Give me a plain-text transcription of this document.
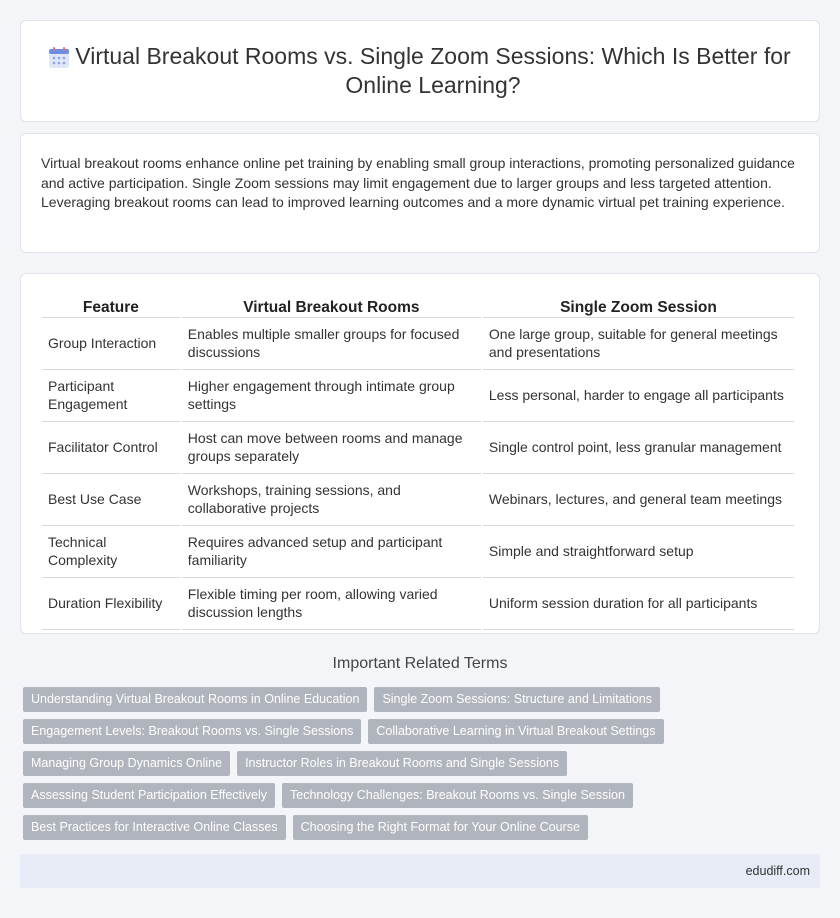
Virtual Breakout Rooms vs. Single Zoom Sessions: Which Is Better for Online Learning?

Virtual breakout rooms enhance online pet training by enabling small group interactions, promoting personalized guidance and active participation. Single Zoom sessions may limit engagement due to larger groups and less targeted attention. Leveraging breakout rooms can lead to improved learning outcomes and a more dynamic virtual pet training experience.

Feature	Virtual Breakout Rooms	Single Zoom Session
Group Interaction	Enables multiple smaller groups for focused discussions	One large group, suitable for general meetings and presentations
Participant Engagement	Higher engagement through intimate group settings	Less personal, harder to engage all participants
Facilitator Control	Host can move between rooms and manage groups separately	Single control point, less granular management
Best Use Case	Workshops, training sessions, and collaborative projects	Webinars, lectures, and general team meetings
Technical Complexity	Requires advanced setup and participant familiarity	Simple and straightforward setup
Duration Flexibility	Flexible timing per room, allowing varied discussion lengths	Uniform session duration for all participants
Important Related Terms
Understanding Virtual Breakout Rooms in Online Education	Single Zoom Sessions: Structure and Limitations
Engagement Levels: Breakout Rooms vs. Single Sessions	Collaborative Learning in Virtual Breakout Settings
Managing Group Dynamics Online	Instructor Roles in Breakout Rooms and Single Sessions
Assessing Student Participation Effectively	Technology Challenges: Breakout Rooms vs. Single Session
Best Practices for Interactive Online Classes	Choosing the Right Format for Your Online Course
edudiff.com
